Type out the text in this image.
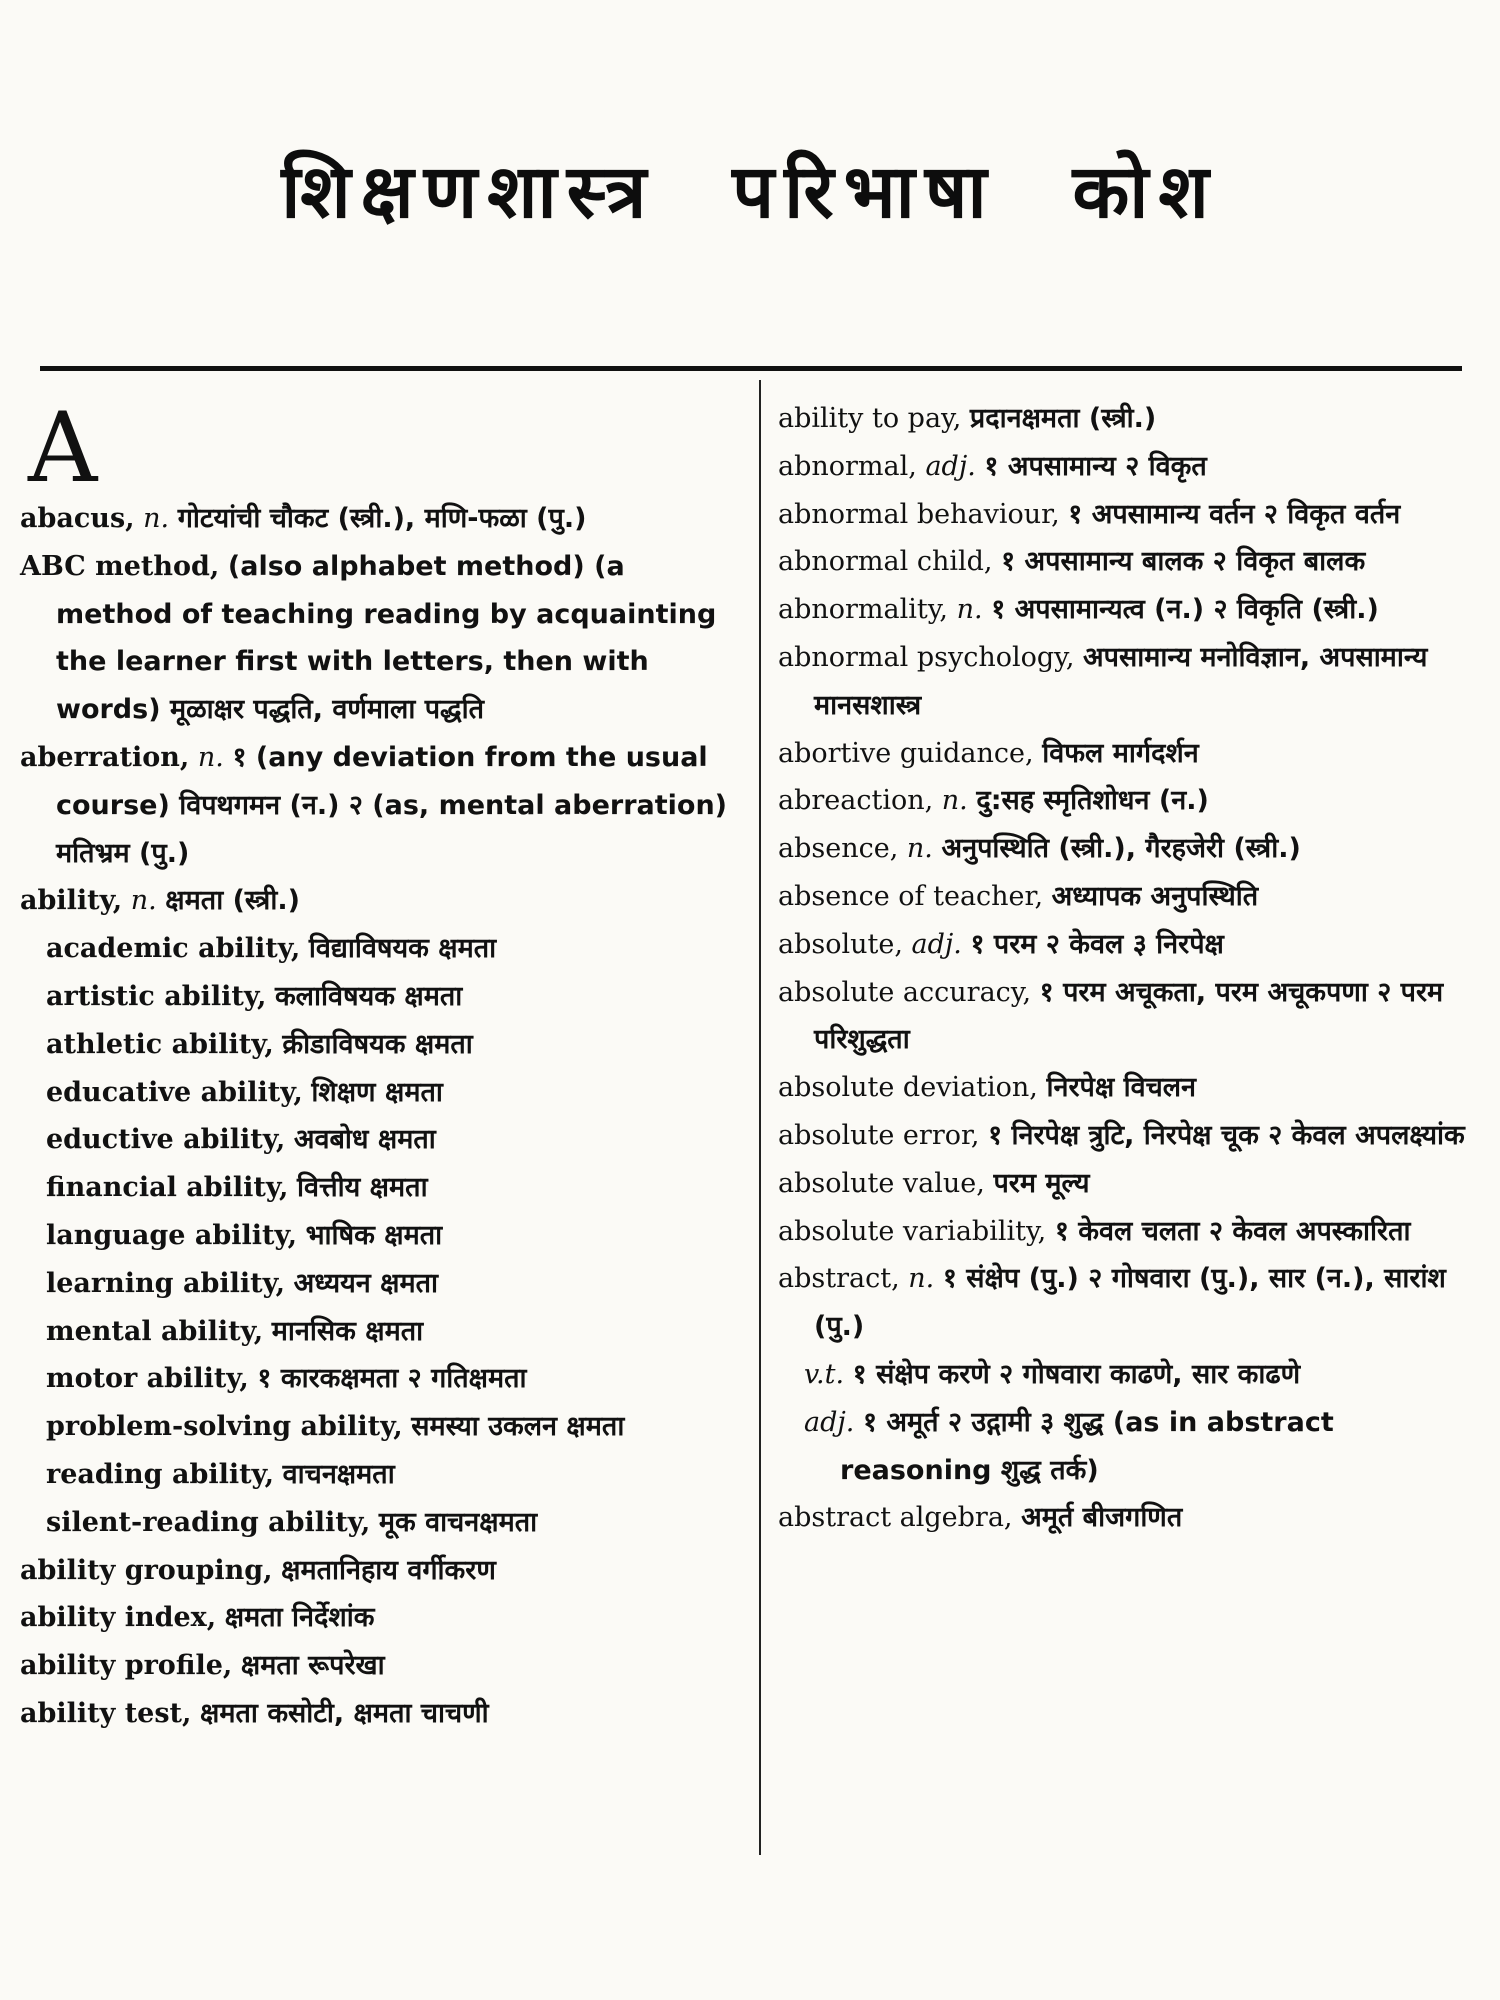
शिक्षणशास्त्र परिभाषा कोश
A
abacus, n. गोटयांची चौकट (स्त्री.), मणि-फळा (पु.)
ABC method, (also alphabet method) (a method of teaching reading by acquainting the learner first with letters, then with words) मूळाक्षर पद्धति, वर्णमाला पद्धति
aberration, n. १ (any deviation from the usual course) विपथगमन (न.) २ (as, mental aberration) मतिभ्रम (पु.)
ability, n. क्षमता (स्त्री.)
academic ability, विद्याविषयक क्षमता
artistic ability, कलाविषयक क्षमता
athletic ability, क्रीडाविषयक क्षमता
educative ability, शिक्षण क्षमता
eductive ability, अवबोध क्षमता
financial ability, वित्तीय क्षमता
language ability, भाषिक क्षमता
learning ability, अध्ययन क्षमता
mental ability, मानसिक क्षमता
motor ability, १ कारकक्षमता २ गतिक्षमता
problem-solving ability, समस्या उकलन क्षमता
reading ability, वाचनक्षमता
silent-reading ability, मूक वाचनक्षमता
ability grouping, क्षमतानिहाय वर्गीकरण
ability index, क्षमता निर्देशांक
ability profile, क्षमता रूपरेखा
ability test, क्षमता कसोटी, क्षमता चाचणी
ability to pay, प्रदानक्षमता (स्त्री.)
abnormal, adj. १ अपसामान्य २ विकृत
abnormal behaviour, १ अपसामान्य वर्तन २ विकृत वर्तन
abnormal child, १ अपसामान्य बालक २ विकृत बालक
abnormality, n. १ अपसामान्यत्व (न.) २ विकृति (स्त्री.)
abnormal psychology, अपसामान्य मनोविज्ञान, अपसामान्य मानसशास्त्र
abortive guidance, विफल मार्गदर्शन
abreaction, n. दु:सह स्मृतिशोधन (न.)
absence, n. अनुपस्थिति (स्त्री.), गैरहजेरी (स्त्री.)
absence of teacher, अध्यापक अनुपस्थिति
absolute, adj. १ परम २ केवल ३ निरपेक्ष
absolute accuracy, १ परम अचूकता, परम अचूकपणा २ परम परिशुद्धता
absolute deviation, निरपेक्ष विचलन
absolute error, १ निरपेक्ष त्रुटि, निरपेक्ष चूक २ केवल अपलक्ष्यांक
absolute value, परम मूल्य
absolute variability, १ केवल चलता २ केवल अपस्कारिता
abstract, n. १ संक्षेप (पु.) २ गोषवारा (पु.), सार (न.), सारांश (पु.)
v.t. १ संक्षेप करणे २ गोषवारा काढणे, सार काढणे
adj. १ अमूर्त २ उद्गामी ३ शुद्ध (as in abstract reasoning शुद्ध तर्क)
abstract algebra, अमूर्त बीजगणित
